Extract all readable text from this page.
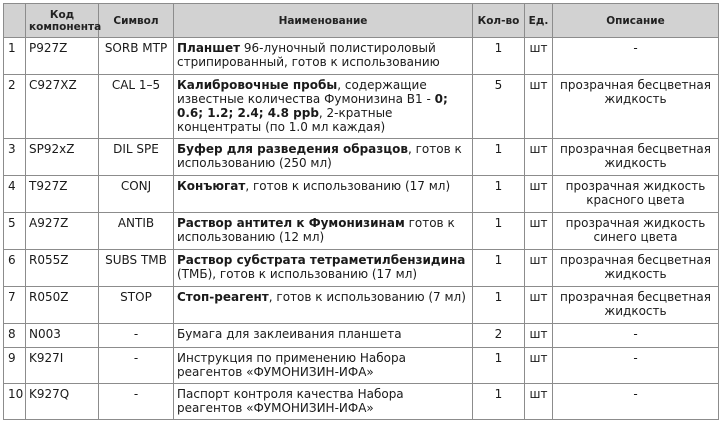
	Код компонента	Символ	Наименование	Кол-во	Ед.	Описание
1	P927Z	SORB MTP	Планшет 96-луночный полистироловый стрипированный, готов к использованию	1	шт	-
2	C927XZ	CAL 1–5	Калибровочные пробы, содержащие известные количества Фумонизина В1 - 0; 0.6; 1.2; 2.4; 4.8 ppb, 2-кратные концентраты (по 1.0 мл каждая)	5	шт	прозрачная бесцветная жидкость
3	SP92xZ	DIL SPE	Буфер для разведения образцов, готов к использованию (250 мл)	1	шт	прозрачная бесцветная жидкость
4	T927Z	CONJ	Конъюгат, готов к использованию (17 мл)	1	шт	прозрачная жидкость красного цвета
5	A927Z	ANTIB	Раствор антител к Фумонизинам готов к использованию (12 мл)	1	шт	прозрачная жидкость синего цвета
6	R055Z	SUBS TMB	Раствор субстрата тетраметилбензидина (ТМБ), готов к использованию (17 мл)	1	шт	прозрачная бесцветная жидкость
7	R050Z	STOP	Стоп-реагент, готов к использованию (7 мл)	1	шт	прозрачная бесцветная жидкость
8	N003	-	Бумага для заклеивания планшета	2	шт	-
9	K927I	-	Инструкция по применению Набора реагентов «ФУМОНИЗИН-ИФА»	1	шт	-
10	K927Q	-	Паспорт контроля качества Набора реагентов «ФУМОНИЗИН-ИФА»	1	шт	-
